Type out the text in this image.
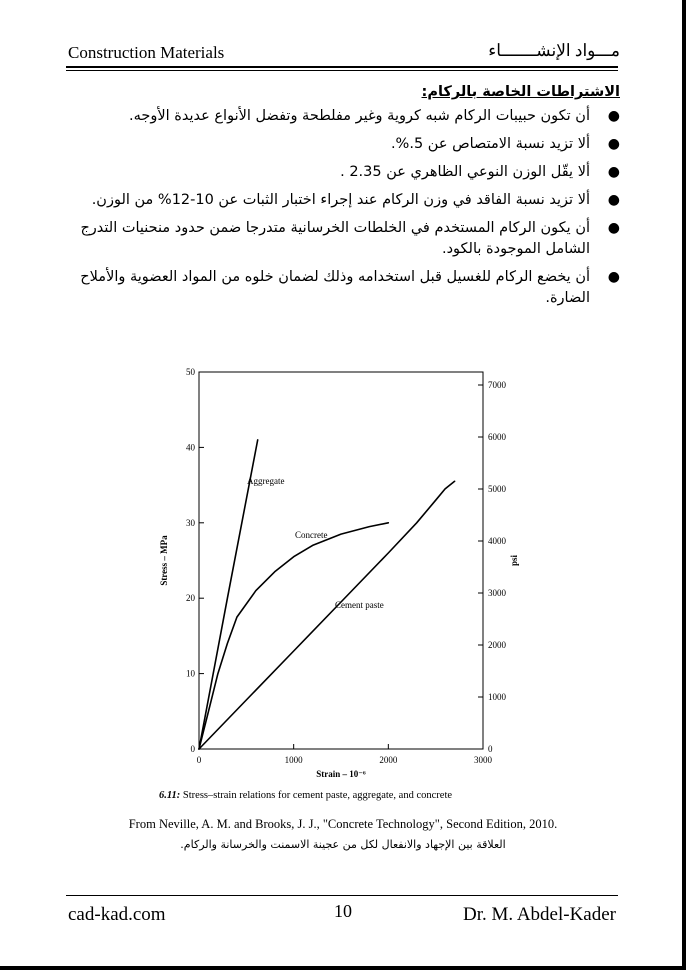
Construction Materials	مـــواد الإنشـــــــاء
الاشتراطات الخاصة بالركام:
●
أن تكون حبيبات الركام شبه كروية وغير مفلطحة وتفضل الأنواع عديدة الأوجه.
●
ألا تزيد نسبة الامتصاص عن 5.%.
●
ألا يقّل الوزن النوعي الظاهري عن 2.35 .
●
ألا تزيد نسبة الفاقد في وزن الركام عند إجراء اختبار الثبات عن 10-12% من الوزن.
●
أن يكون الركام المستخدم في الخلطات الخرسانية متدرجا ضمن حدود منحنيات التدرج الشامل الموجودة بالكود.
●
أن يخضع الركام للغسيل قبل استخدامه وذلك لضمان خلوه من المواد العضوية والأملاح الضارة.
0	1000	2000	3000
0
10
20
30
40
50
0
1000
2000
3000
4000
5000
6000
7000
Strain – 10⁻⁶
Stress – MPa	psi
Aggregate
Concrete
Cement paste
6.11: Stress–strain relations for cement paste, aggregate, and concrete
From Neville, A. M. and Brooks, J. J., "Concrete Technology", Second Edition, 2010.
العلاقة بين الإجهاد والانفعال لكل من عجينة الاسمنت والخرسانة والركام.
cad-kad.com	10	Dr. M. Abdel-Kader
